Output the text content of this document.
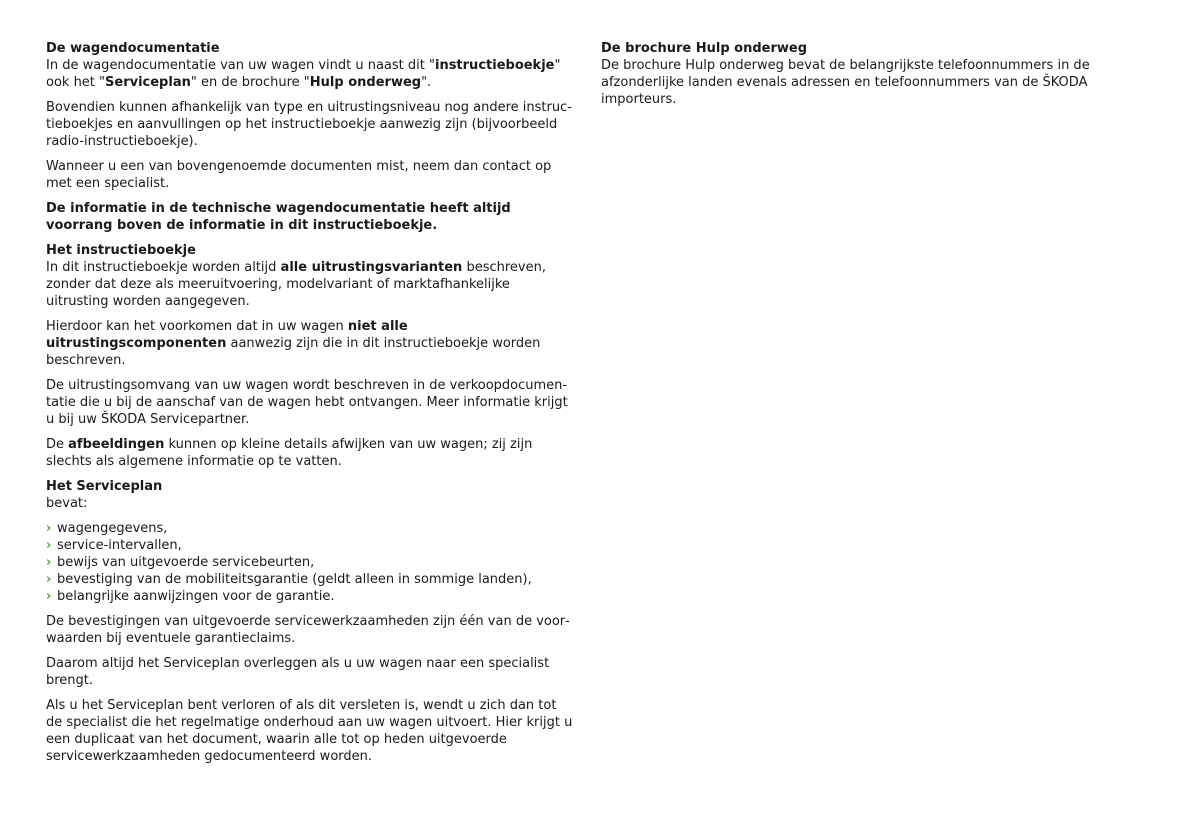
De wagendocumentatie

In de wagendocumentatie van uw wagen vindt u naast dit "instructieboekje" ook het "Serviceplan" en de brochure "Hulp onderweg".

Bovendien kunnen afhankelijk van type en uitrustingsniveau nog andere instructieboekjes en aanvullingen op het instructieboekje aanwezig zijn (bijvoorbeeld radio-instructieboekje).

Wanneer u een van bovengenoemde documenten mist, neem dan contact op met een specialist.

De informatie in de technische wagendocumentatie heeft altijd voorrang boven de informatie in dit instructieboekje.

Het instructieboekje

In dit instructieboekje worden altijd alle uitrustingsvarianten beschreven, zonder dat deze als meeruitvoering, modelvariant of marktafhankelijke uitrusting worden aangegeven.

Hierdoor kan het voorkomen dat in uw wagen niet alle uitrustingscomponenten aanwezig zijn die in dit instructieboekje worden beschreven.

De uitrustingsomvang van uw wagen wordt beschreven in de verkoopdocumentatie die u bij de aanschaf van de wagen hebt ontvangen. Meer informatie krijgt u bij uw ŠKODA Servicepartner.

De afbeeldingen kunnen op kleine details afwijken van uw wagen; zij zijn slechts als algemene informatie op te vatten.

Het Serviceplan

bevat:

› wagengegevens,
› service-intervallen,
› bewijs van uitgevoerde servicebeurten,
› bevestiging van de mobiliteitsgarantie (geldt alleen in sommige landen),
› belangrijke aanwijzingen voor de garantie.

De bevestigingen van uitgevoerde servicewerkzaamheden zijn één van de voorwaarden bij eventuele garantieclaims.

Daarom altijd het Serviceplan overleggen als u uw wagen naar een specialist brengt.

Als u het Serviceplan bent verloren of als dit versleten is, wendt u zich dan tot de specialist die het regelmatige onderhoud aan uw wagen uitvoert. Hier krijgt u een duplicaat van het document, waarin alle tot op heden uitgevoerde servicewerkzaamheden gedocumenteerd worden.

De brochure Hulp onderweg

De brochure Hulp onderweg bevat de belangrijkste telefoonnummers in de afzonderlijke landen evenals adressen en telefoonnummers van de ŠKODA importeurs.
